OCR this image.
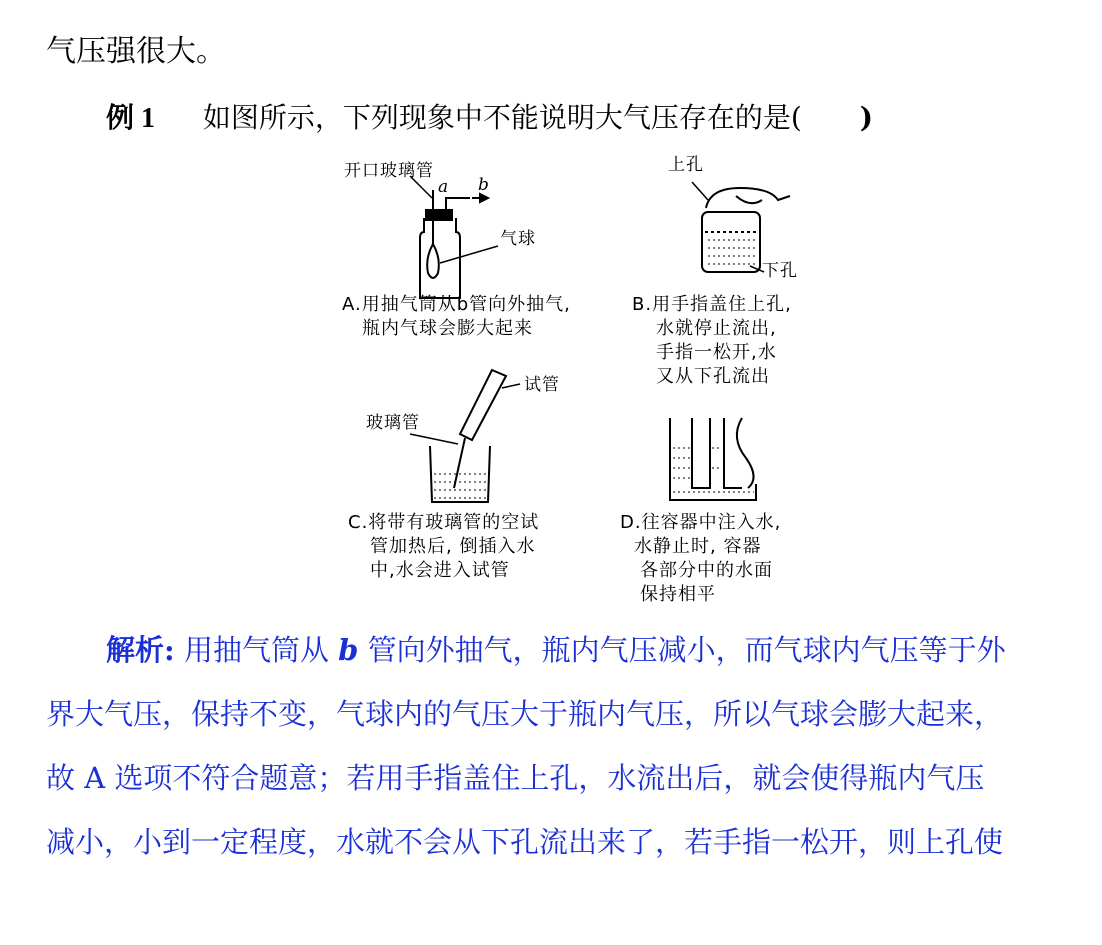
气压强很大。
例 1 如图所示，下列现象中不能说明大气压存在的是( )
开口玻璃管
a b
气球
A.用抽气筒从b管向外抽气,
瓶内气球会膨大起来
上孔
下孔
B.用手指盖住上孔,
水就停止流出,
手指一松开,水
又从下孔流出
试管
玻璃管
C.将带有玻璃管的空试
管加热后, 倒插入水
中,水会进入试管
D.往容器中注入水,
水静止时, 容器
各部分中的水面
保持相平
解析: 用抽气筒从 b 管向外抽气，瓶内气压减小，而气球内气压等于外
界大气压，保持不变，气球内的气压大于瓶内气压，所以气球会膨大起来，
故 A 选项不符合题意；若用手指盖住上孔，水流出后，就会使得瓶内气压
减小，小到一定程度，水就不会从下孔流出来了，若手指一松开，则上孔使
